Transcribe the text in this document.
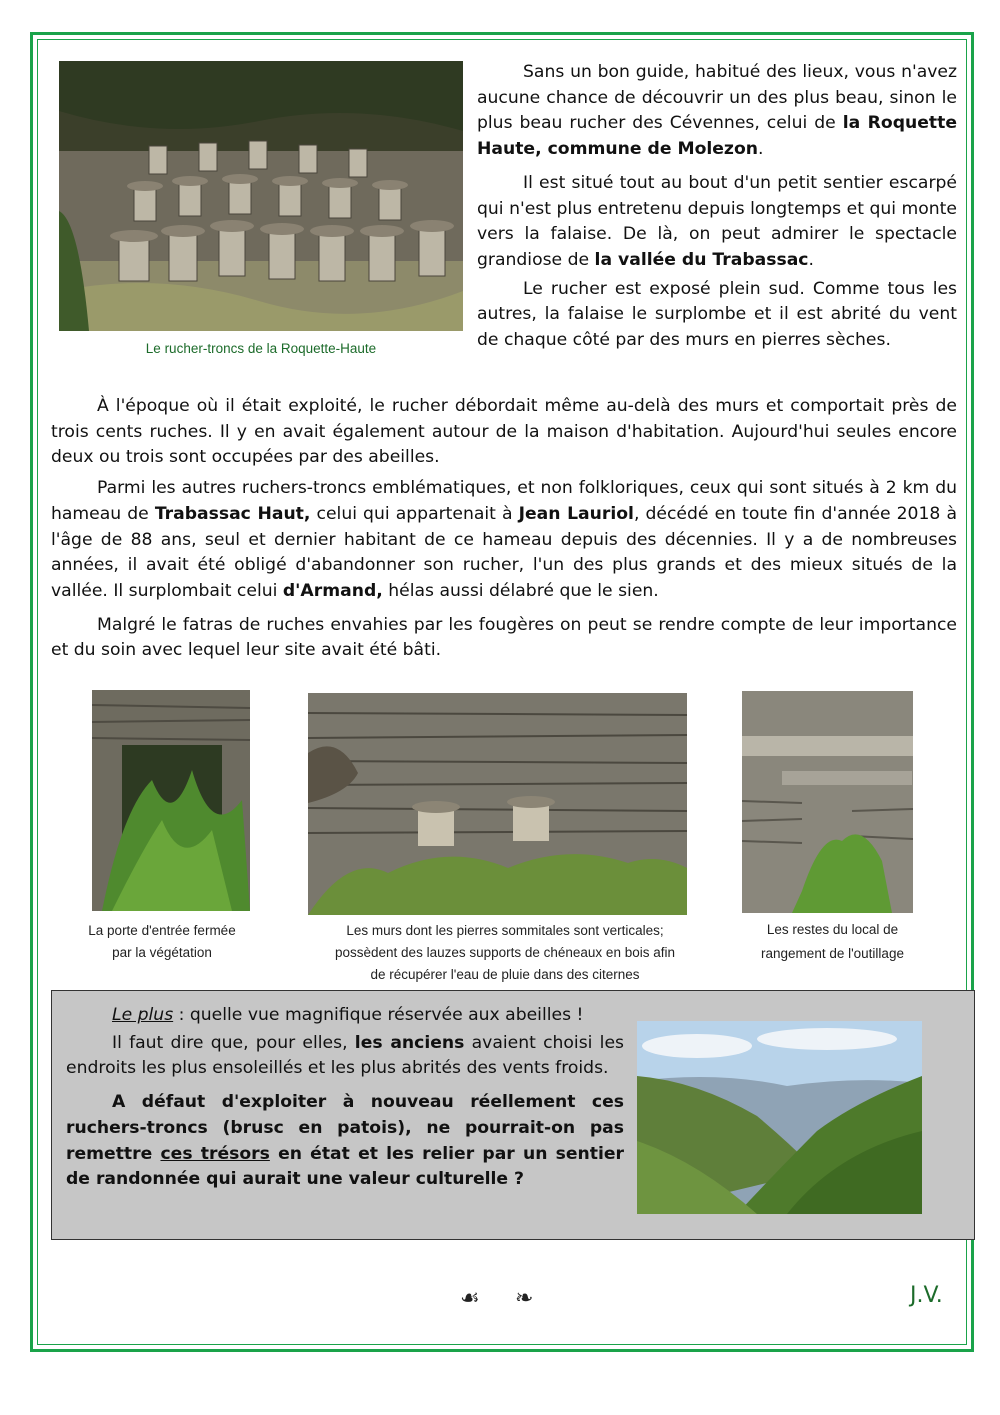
Le rucher-troncs de la Roquette-Haute

Sans un bon guide, habitué des lieux, vous n'avez aucune chance de découvrir un des plus beau, sinon le plus beau rucher des Cévennes, celui de la Roquette Haute, commune de Molezon.

Il est situé tout au bout d'un petit sentier escarpé qui n'est plus entretenu depuis longtemps et qui monte vers la falaise. De là, on peut admirer le spectacle grandiose de la vallée du Trabassac.

Le rucher est exposé plein sud. Comme tous les autres, la falaise le surplombe et il est abrité du vent de chaque côté par des murs en pierres sèches.

À l'époque où il était exploité, le rucher débordait même au-delà des murs et comportait près de trois cents ruches. Il y en avait également autour de la maison d'habitation. Aujourd'hui seules encore deux ou trois sont occupées par des abeilles.

Parmi les autres ruchers-troncs emblématiques, et non folkloriques, ceux qui sont situés à 2 km du hameau de Trabassac Haut, celui qui appartenait à Jean Lauriol, décédé en toute fin d'année 2018 à l'âge de 88 ans, seul et dernier habitant de ce hameau depuis des décennies. Il y a de nombreuses années, il avait été obligé d'abandonner son rucher, l'un des plus grands et des mieux situés de la vallée. Il surplombait celui d'Armand, hélas aussi délabré que le sien.

Malgré le fatras de ruches envahies par les fougères on peut se rendre compte de leur importance et du soin avec lequel leur site avait été bâti.

La porte d'entrée fermée
par la végétation
Les murs dont les pierres sommitales sont verticales;
possèdent des lauzes supports de chéneaux en bois afin
de récupérer l'eau de pluie dans des citernes
Les restes du local de
rangement de l'outillage

Le plus : quelle vue magnifique réservée aux abeilles !

Il faut dire que, pour elles, les anciens avaient choisi les endroits les plus ensoleillés et les plus abrités des vents froids.

A défaut d'exploiter à nouveau réellement ces ruchers-troncs (brusc en patois), ne pourrait-on pas remettre ces trésors en état et les relier par un sentier de randonnée qui aurait une valeur culturelle ?

☙ ❧	J.V.
